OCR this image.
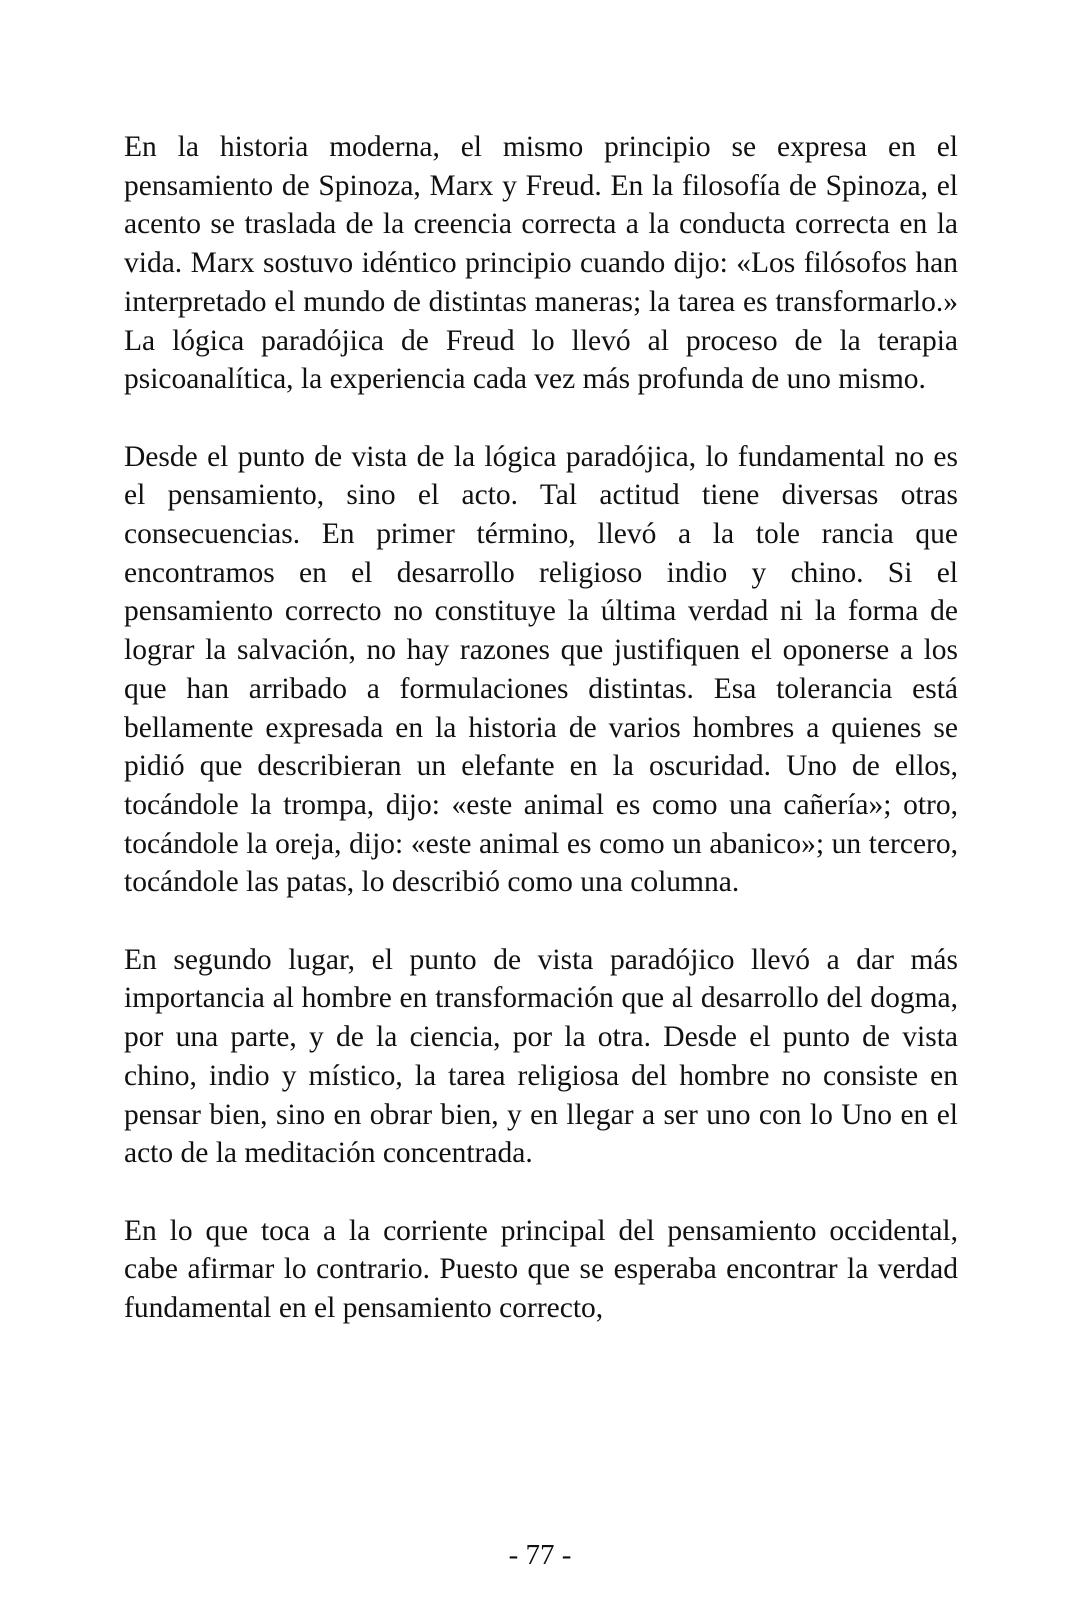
En la historia moderna, el mismo principio se expresa en el pensamiento de Spinoza, Marx y Freud. En la filosofía de Spinoza, el acento se traslada de la creencia correcta a la conducta correcta en la vida. Marx sostuvo idéntico principio cuando dijo: «Los filósofos han interpretado el mundo de distintas maneras; la tarea es transformarlo.» La lógica paradójica de Freud lo llevó al proceso de la terapia psicoanalítica, la experiencia cada vez más profunda de uno mismo.

Desde el punto de vista de la lógica paradójica, lo fundamental no es el pensamiento, sino el acto. Tal actitud tiene diversas otras consecuencias. En primer término, llevó a la tole rancia que encontramos en el desarrollo religioso indio y chino. Si el pensamiento correcto no constituye la última verdad ni la forma de lograr la salvación, no hay razones que justifiquen el oponerse a los que han arribado a formulaciones distintas. Esa tolerancia está bellamente expresada en la historia de varios hombres a quienes se pidió que describieran un elefante en la oscuridad. Uno de ellos, tocándole la trompa, dijo: «este animal es como una cañería»; otro, tocándole la oreja, dijo: «este animal es como un abanico»; un tercero, tocándole las patas, lo describió como una columna.

En segundo lugar, el punto de vista paradójico llevó a dar más importancia al hombre en transformación que al desarrollo del dogma, por una parte, y de la ciencia, por la otra. Desde el punto de vista chino, indio y místico, la tarea religiosa del hombre no consiste en pensar bien, sino en obrar bien, y en llegar a ser uno con lo Uno en el acto de la meditación concentrada.

En lo que toca a la corriente principal del pensamiento occidental, cabe afirmar lo contrario. Puesto que se esperaba encontrar la verdad fundamental en el pensamiento correcto,

- 77 -
